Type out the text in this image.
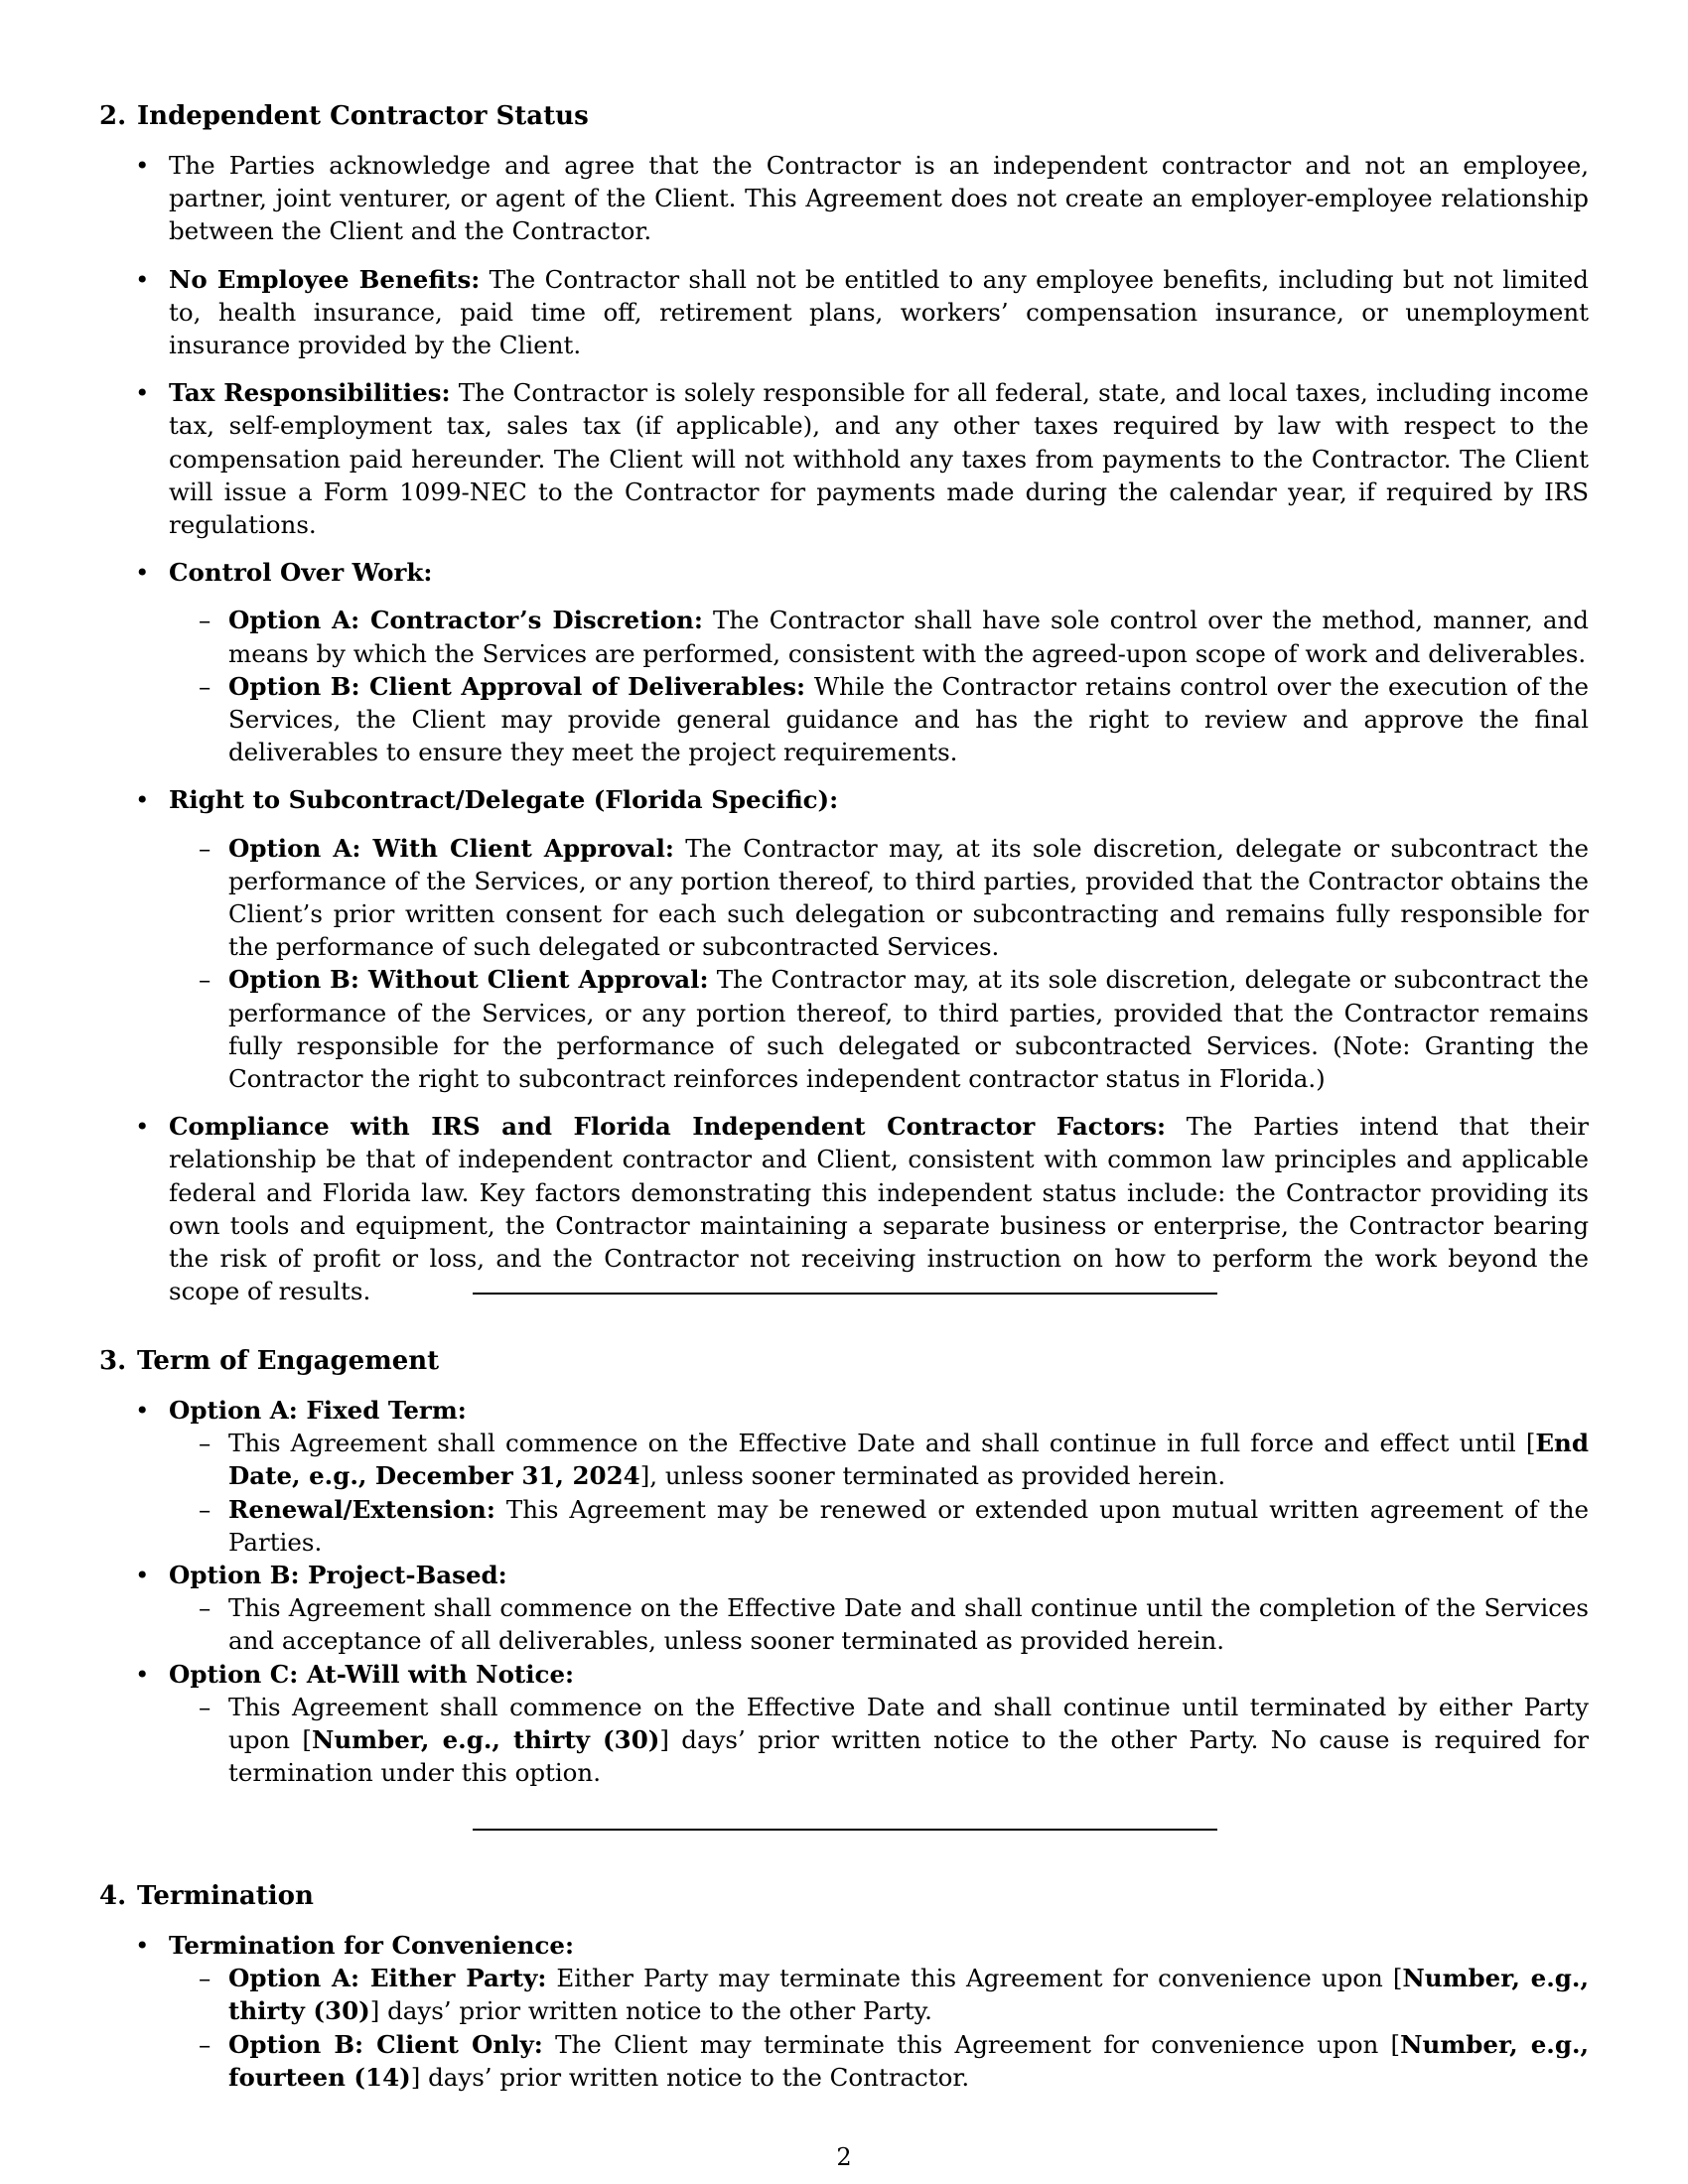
2. Independent Contractor Status
• The Parties acknowledge and agree that the Contractor is an independent contractor and not an employee, partner, joint venturer, or agent of the Client. This Agreement does not create an employer-employee relationship between the Client and the Contractor.
• No Employee Benefits: The Contractor shall not be entitled to any employee benefits, including but not limited to, health insurance, paid time off, retirement plans, workers’ compensation insurance, or unemployment insurance provided by the Client.
• Tax Responsibilities: The Contractor is solely responsible for all federal, state, and local taxes, including income tax, self-employment tax, sales tax (if applicable), and any other taxes required by law with respect to the compensation paid hereunder. The Client will not withhold any taxes from payments to the Contractor. The Client will issue a Form 1099-NEC to the Contractor for payments made during the calendar year, if required by IRS regulations.
• Control Over Work:
– Option A: Contractor’s Discretion: The Contractor shall have sole control over the method, manner, and means by which the Services are performed, consistent with the agreed-upon scope of work and deliverables.
– Option B: Client Approval of Deliverables: While the Contractor retains control over the execution of the Services, the Client may provide general guidance and has the right to review and approve the final deliverables to ensure they meet the project requirements.
• Right to Subcontract/Delegate (Florida Specific):
– Option A: With Client Approval: The Contractor may, at its sole discretion, delegate or subcontract the performance of the Services, or any portion thereof, to third parties, provided that the Contractor obtains the Client’s prior written consent for each such delegation or subcontracting and remains fully responsible for the performance of such delegated or subcontracted Services.
– Option B: Without Client Approval: The Contractor may, at its sole discretion, delegate or subcontract the performance of the Services, or any portion thereof, to third parties, provided that the Contractor remains fully responsible for the performance of such delegated or subcontracted Services. (Note: Granting the Contractor the right to subcontract reinforces independent contractor status in Florida.)
• Compliance with IRS and Florida Independent Contractor Factors: The Parties intend that their relationship be that of independent contractor and Client, consistent with common law principles and applicable federal and Florida law. Key factors demonstrating this independent status include: the Contractor providing its own tools and equipment, the Contractor maintaining a separate business or enterprise, the Contractor bearing the risk of profit or loss, and the Contractor not receiving instruction on how to perform the work beyond the scope of results.
3. Term of Engagement
• Option A: Fixed Term:
– This Agreement shall commence on the Effective Date and shall continue in full force and effect until [End Date, e.g., December 31, 2024], unless sooner terminated as provided herein.
– Renewal/Extension: This Agreement may be renewed or extended upon mutual written agreement of the Parties.
• Option B: Project-Based:
– This Agreement shall commence on the Effective Date and shall continue until the completion of the Services and acceptance of all deliverables, unless sooner terminated as provided herein.
• Option C: At-Will with Notice:
– This Agreement shall commence on the Effective Date and shall continue until terminated by either Party upon [Number, e.g., thirty (30)] days’ prior written notice to the other Party. No cause is required for termination under this option.
4. Termination
• Termination for Convenience:
– Option A: Either Party: Either Party may terminate this Agreement for convenience upon [Number, e.g., thirty (30)] days’ prior written notice to the other Party.
– Option B: Client Only: The Client may terminate this Agreement for convenience upon [Number, e.g., fourteen (14)] days’ prior written notice to the Contractor.
2
